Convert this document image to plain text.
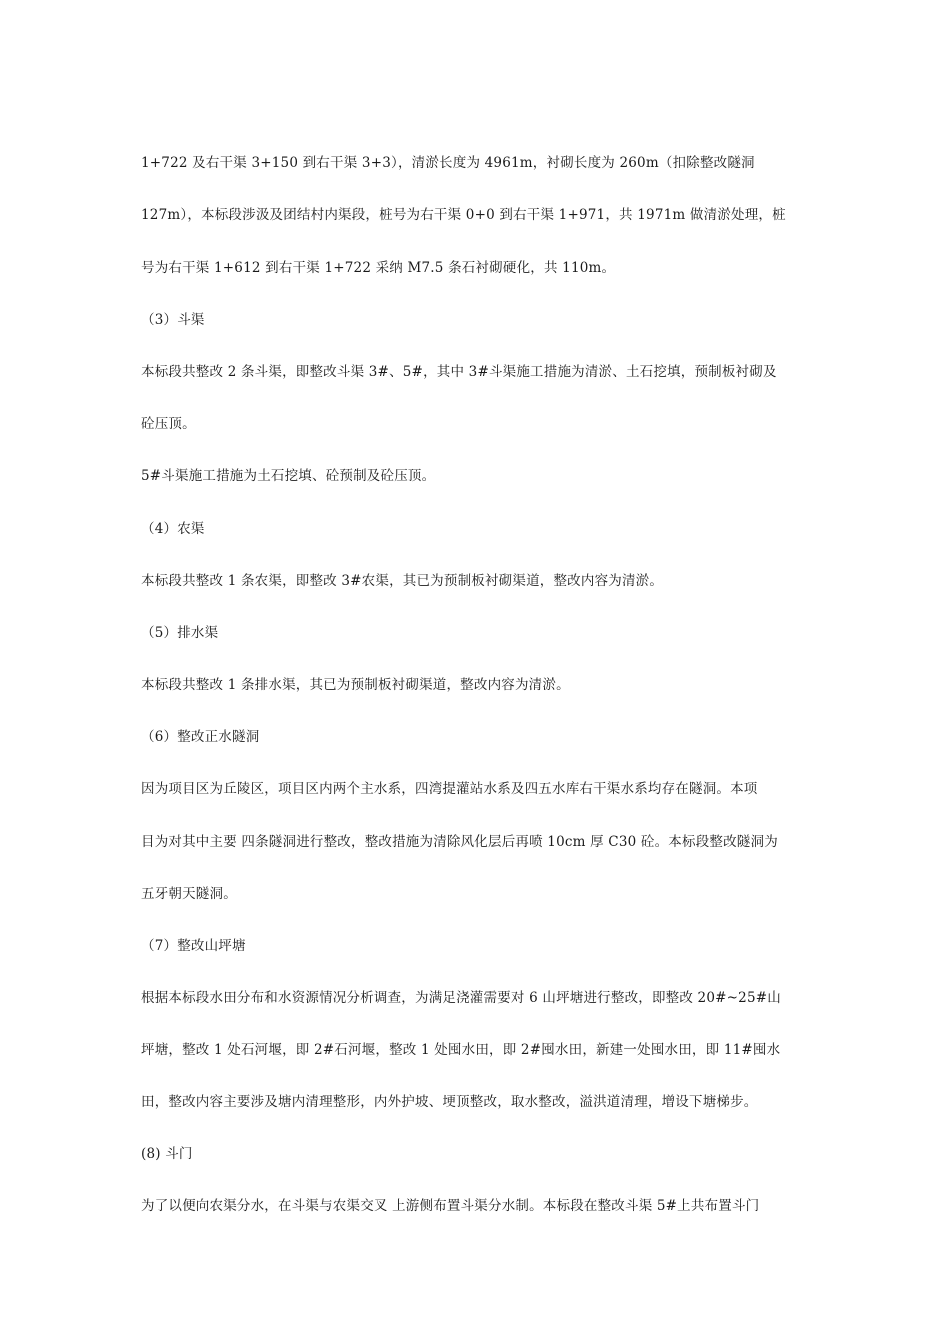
1+722 及右干渠 3+150 到右干渠 3+3），清淤长度为 4961m，衬砌长度为 260m（扣除整改隧洞
127m），本标段涉汲及团结村内渠段，桩号为右干渠 0+0 到右干渠 1+971，共 1971m 做清淤处理，桩
号为右干渠 1+612 到右干渠 1+722 采纳 M7.5 条石衬砌硬化，共 110m。
（3）斗渠
本标段共整改 2 条斗渠，即整改斗渠 3#、5#，其中 3#斗渠施工措施为清淤、土石挖填，预制板衬砌及
砼压顶。
5#斗渠施工措施为土石挖填、砼预制及砼压顶。
（4）农渠
本标段共整改 1 条农渠，即整改 3#农渠，其已为预制板衬砌渠道，整改内容为清淤。
（5）排水渠
本标段共整改 1 条排水渠，其已为预制板衬砌渠道，整改内容为清淤。
（6）整改正水隧洞
因为项目区为丘陵区，项目区内两个主水系，四湾提灌站水系及四五水库右干渠水系均存在隧洞。本项
目为对其中主要 四条隧洞进行整改，整改措施为清除风化层后再喷 10cm 厚 C30 砼。本标段整改隧洞为
五牙朝天隧洞。
（7）整改山坪塘
根据本标段水田分布和水资源情况分析调查，为满足浇灌需要对 6 山坪塘进行整改，即整改 20#~25#山
坪塘，整改 1 处石河堰，即 2#石河堰，整改 1 处囤水田，即 2#囤水田，新建一处囤水田，即 11#囤水
田，整改内容主要涉及塘内清理整形，内外护坡、埂顶整改，取水整改，溢洪道清理，增设下塘梯步。
(8) 斗门
为了以便向农渠分水，在斗渠与农渠交叉 上游侧布置斗渠分水制。本标段在整改斗渠 5#上共布置斗门
